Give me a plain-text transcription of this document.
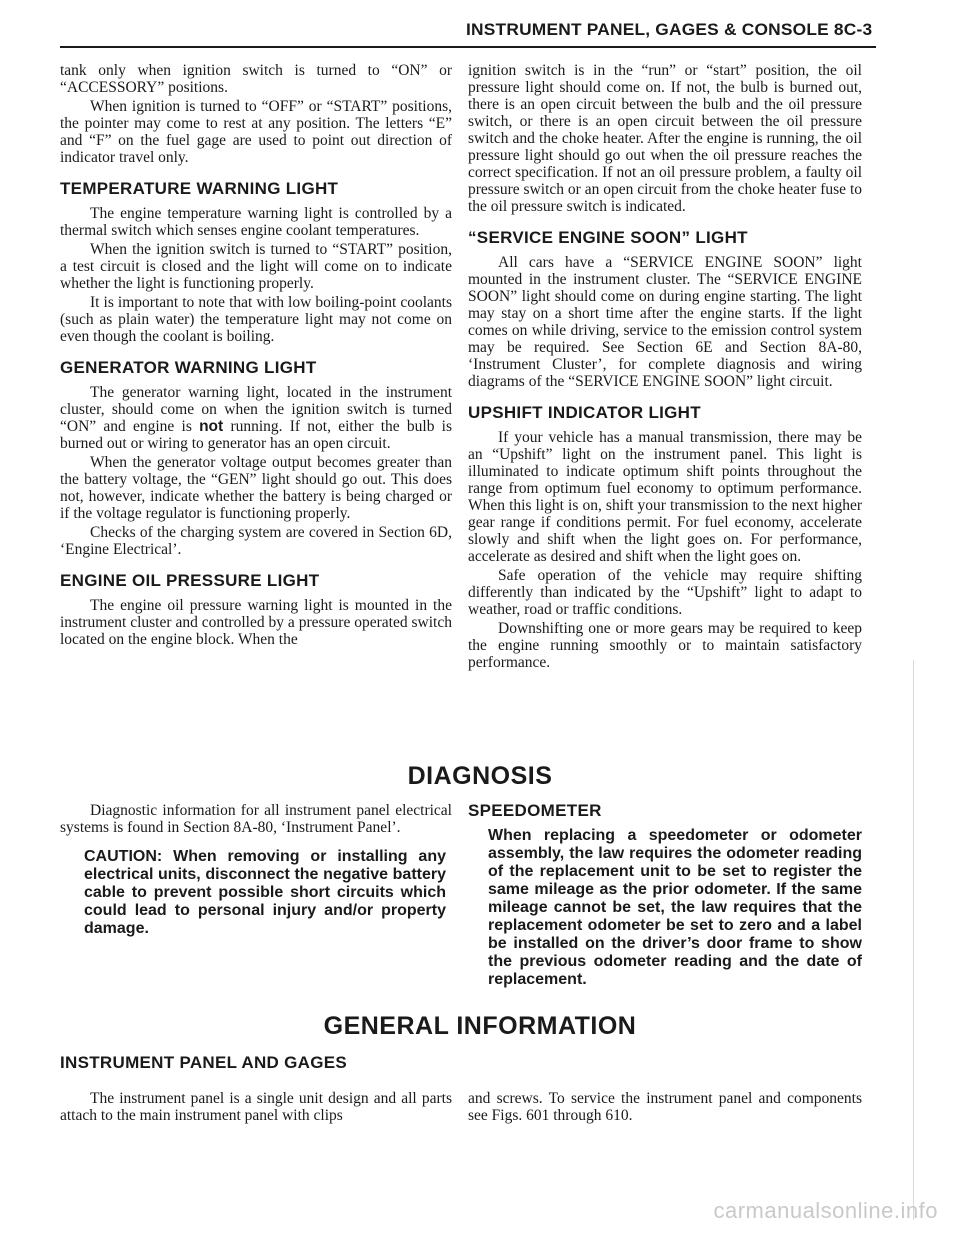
INSTRUMENT PANEL, GAGES & CONSOLE 8C-3

tank only when ignition switch is turned to “ON” or “ACCESSORY” positions.

When ignition is turned to “OFF” or “START” positions, the pointer may come to rest at any position. The letters “E” and “F” on the fuel gage are used to point out direction of indicator travel only.

TEMPERATURE WARNING LIGHT

The engine temperature warning light is controlled by a thermal switch which senses engine coolant temperatures.

When the ignition switch is turned to “START” position, a test circuit is closed and the light will come on to indicate whether the light is functioning properly.

It is important to note that with low boiling-point coolants (such as plain water) the temperature light may not come on even though the coolant is boiling.

GENERATOR WARNING LIGHT

The generator warning light, located in the instrument cluster, should come on when the ignition switch is turned “ON” and engine is not running. If not, either the bulb is burned out or wiring to generator has an open circuit.

When the generator voltage output becomes greater than the battery voltage, the “GEN” light should go out. This does not, however, indicate whether the battery is being charged or if the voltage regulator is functioning properly.

Checks of the charging system are covered in Section 6D, ‘Engine Electrical’.

ENGINE OIL PRESSURE LIGHT

The engine oil pressure warning light is mounted in the instrument cluster and controlled by a pressure operated switch located on the engine block. When the

ignition switch is in the “run” or “start” position, the oil pressure light should come on. If not, the bulb is burned out, there is an open circuit between the bulb and the oil pressure switch, or there is an open circuit between the oil pressure switch and the choke heater. After the engine is running, the oil pressure light should go out when the oil pressure reaches the correct specification. If not an oil pressure problem, a faulty oil pressure switch or an open circuit from the choke heater fuse to the oil pressure switch is indicated.

“SERVICE ENGINE SOON” LIGHT

All cars have a “SERVICE ENGINE SOON” light mounted in the instrument cluster. The “SERVICE ENGINE SOON” light should come on during engine starting. The light may stay on a short time after the engine starts. If the light comes on while driving, service to the emission control system may be required. See Section 6E and Section 8A-80, ‘Instrument Cluster’, for complete diagnosis and wiring diagrams of the “SERVICE ENGINE SOON” light circuit.

UPSHIFT INDICATOR LIGHT

If your vehicle has a manual transmission, there may be an “Upshift” light on the instrument panel. This light is illuminated to indicate optimum shift points throughout the range from optimum fuel economy to optimum performance. When this light is on, shift your transmission to the next higher gear range if conditions permit. For fuel economy, accelerate slowly and shift when the light goes on. For performance, accelerate as desired and shift when the light goes on.

Safe operation of the vehicle may require shifting differently than indicated by the “Upshift” light to adapt to weather, road or traffic conditions.

Downshifting one or more gears may be required to keep the engine running smoothly or to maintain satisfactory performance.

DIAGNOSIS

Diagnostic information for all instrument panel electrical systems is found in Section 8A-80, ‘Instrument Panel’.

CAUTION: When removing or installing any electrical units, disconnect the negative battery cable to prevent possible short circuits which could lead to personal injury and/or property damage.
SPEEDOMETER
When replacing a speedometer or odometer assembly, the law requires the odometer reading of the replacement unit to be set to register the same mileage as the prior odometer. If the same mileage cannot be set, the law requires that the replacement odometer be set to zero and a label be installed on the driver’s door frame to show the previous odometer reading and the date of replacement.
GENERAL INFORMATION
INSTRUMENT PANEL AND GAGES

The instrument panel is a single unit design and all parts attach to the main instrument panel with clips

and screws. To service the instrument panel and components see Figs. 601 through 610.

carmanualsonline.info
